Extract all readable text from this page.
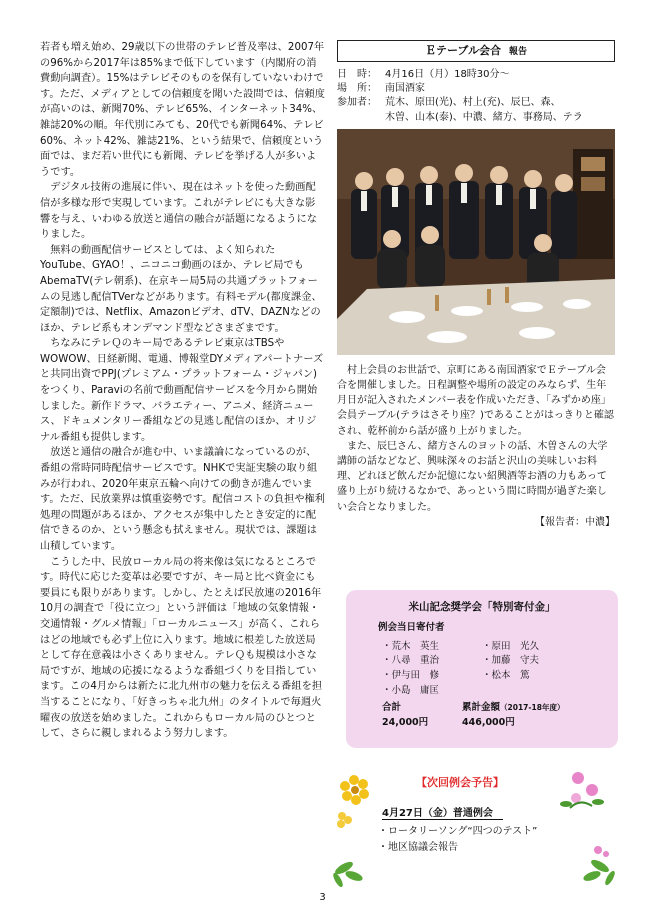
若者も増え始め、29歳以下の世帯のテレビ普及率は、2007年の96%から2017年は85%まで低下しています（内閣府の消費動向調査）。15%はテレビそのものを保有していないわけです。ただ、メディアとしての信頼度を聞いた設問では、信頼度が高いのは、新聞70%、テレビ65%、インターネット34%、雑誌20%の順。年代別にみても、20代でも新聞64%、テレビ60%、ネット42%、雑誌21%、という結果で、信頼度という面では、まだ若い世代にも新聞、テレビを挙げる人が多いようです。

デジタル技術の進展に伴い、現在はネットを使った動画配信が多様な形で実現しています。これがテレビにも大きな影響を与え、いわゆる放送と通信の融合が話題になるようになりました。

無料の動画配信サービスとしては、よく知られたYouTube、GYAO！、ニコニコ動画のほか、テレビ局でもAbemaTV(テレ朝系)、在京キー局5局の共通プラットフォームの見逃し配信TVerなどがあります。有料モデル(都度課金、定額制)では、Netflix、Amazonビデオ、dTV、DAZNなどのほか、テレビ系もオンデマンド型などさまざまです。

ちなみにテレＱのキー局であるテレビ東京はTBSやWOWOW、日経新聞、電通、博報堂DYメディアパートナーズと共同出資でPPJ(プレミアム・プラットフォーム・ジャパン)をつくり、Paraviの名前で動画配信サービスを今月から開始しました。新作ドラマ、バラエティー、アニメ、経済ニュース、ドキュメンタリー番組などの見逃し配信のほか、オリジナル番組も提供します。

放送と通信の融合が進む中、いま議論になっているのが、番組の常時同時配信サービスです。NHKで実証実験の取り組みが行われ、2020年東京五輪へ向けての動きが進んでいます。ただ、民放業界は慎重姿勢です。配信コストの負担や権利処理の問題があるほか、アクセスが集中したとき安定的に配信できるのか、という懸念も拭えません。現状では、課題は山積しています。

こうした中、民放ローカル局の将来像は気になるところです。時代に応じた変革は必要ですが、キー局と比べ資金にも要員にも限りがあります。しかし、たとえば民放連の2016年10月の調査で「役に立つ」という評価は「地域の気象情報・交通情報・グルメ情報」「ローカルニュース」が高く、これらはどの地域でも必ず上位に入ります。地域に根差した放送局として存在意義は小さくありません。テレＱも規模は小さな局ですが、地域の応援になるような番組づくりを目指しています。この4月からは新たに北九州市の魅力を伝える番組を担当することになり、「好きっちゃ北九州」のタイトルで毎週火曜夜の放送を始めました。これからもローカル局のひとつとして、さらに親しまれるよう努力します。

Ｅテーブル会合 報告
日　時： 4月16日（月）18時30分～
場　所： 南国酒家
参加者： 荒木、原田(光)、村上(充)、辰巳、森、
木曽、山本(泰)、中濃、緒方、事務局、テラ

村上会員のお世話で、京町にある南国酒家でＥテーブル会合を開催しました。日程調整や場所の設定のみならず、生年月日が記入されたメンバー表を作成いただき、「みずかめ座」会員テーブル(テラはさそり座？)であることがはっきりと確認され、乾杯前から話が盛り上がりました。

また、辰巳さん、緒方さんのヨットの話、木曽さんの大学講師の話などなど、興味深々のお話と沢山の美味しいお料理、どれほど飲んだか記憶にない紹興酒等お酒の力もあって盛り上がり続けるなかで、あっという間に時間が過ぎた楽しい会合となりました。

【報告者：中濃】
米山記念奨学会「特別寄付金」
例会当日寄付者
・荒木　英生	・原田　光久
・八尋　重治	・加藤　守夫
・伊与田　修	・松本　篤
・小島　庸匡
合計	累計金額（2017-18年度）
24,000円	446,000円
【次回例会予告】
4月27日（金）普通例会
・ロータリーソング“四つのテスト”
・地区協議会報告
3
